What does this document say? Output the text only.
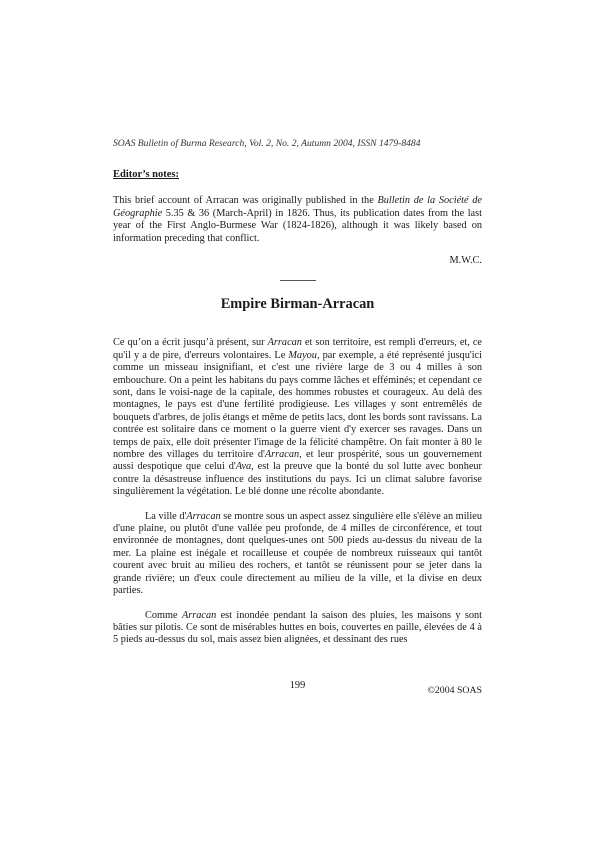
SOAS Bulletin of Burma Research, Vol. 2, No. 2, Autumn 2004, ISSN 1479-8484
Editor’s notes:
This brief account of Arracan was originally published in the Bulletin de la Société de Géographie 5.35 & 36 (March-April) in 1826. Thus, its publication dates from the last year of the First Anglo-Burmese War (1824-1826), although it was likely based on information preceding that conflict.
M.W.C.
Empire Birman-Arracan

Ce qu’on a écrit jusqu’à présent, sur Arracan et son territoire, est rempli d'erreurs, et, ce qu'il y a de pire, d'erreurs volontaires. Le Mayou, par exemple, a été représenté jusqu'ici comme un misseau insignifiant, et c'est une rivière large de 3 ou 4 milles à son embouchure. On a peint les habitans du pays comme lâches et efféminés; et cependant ce sont, dans le voisi-nage de la capitale, des hommes robustes et courageux. Au delà des montagnes, le pays est d'une fertilité prodigieuse. Les villages y sont entremêlés de bouquets d'arbres, de jolis étangs et même de petits lacs, dont les bords sont ravissans. La contrée est solitaire dans ce moment o la guerre vient d'y exercer ses ravages. Dans un temps de paix, elle doit présenter l'image de la félicité champêtre. On fait monter à 80 le nombre des villages du territoire d'Arracan, et leur prospérité, sous un gouvernement aussi despotique que celui d'Ava, est la preuve que la bonté du sol lutte avec bonheur contre la désastreuse influence des institutions du pays. Ici un climat salubre favorise singulièrement la végétation. Le blé donne une récolte abondante.

La ville d'Arracan se montre sous un aspect assez singulière elle s'élève an milieu d'une plaine, ou plutôt d'une vallée peu profonde, de 4 milles de circonférence, et tout environnée de montagnes, dont quelques-unes ont 500 pieds au-dessus du niveau de la mer. La plaine est inégale et rocailleuse et coupée de nombreux ruisseaux qui tantôt courent avec bruit au milieu des rochers, et tantôt se réunissent pour se jeter dans la grande rivière; un d'eux coule directement au milieu de la ville, et la divise en deux parties.

Comme Arracan est inondée pendant la saison des pluies, les maisons y sont bâties sur pilotis. Ce sont de misérables huttes en bois, couvertes en paille, élevées de 4 à 5 pieds au-dessus du sol, mais assez bien alignées, et dessinant des rues

199	©2004 SOAS
